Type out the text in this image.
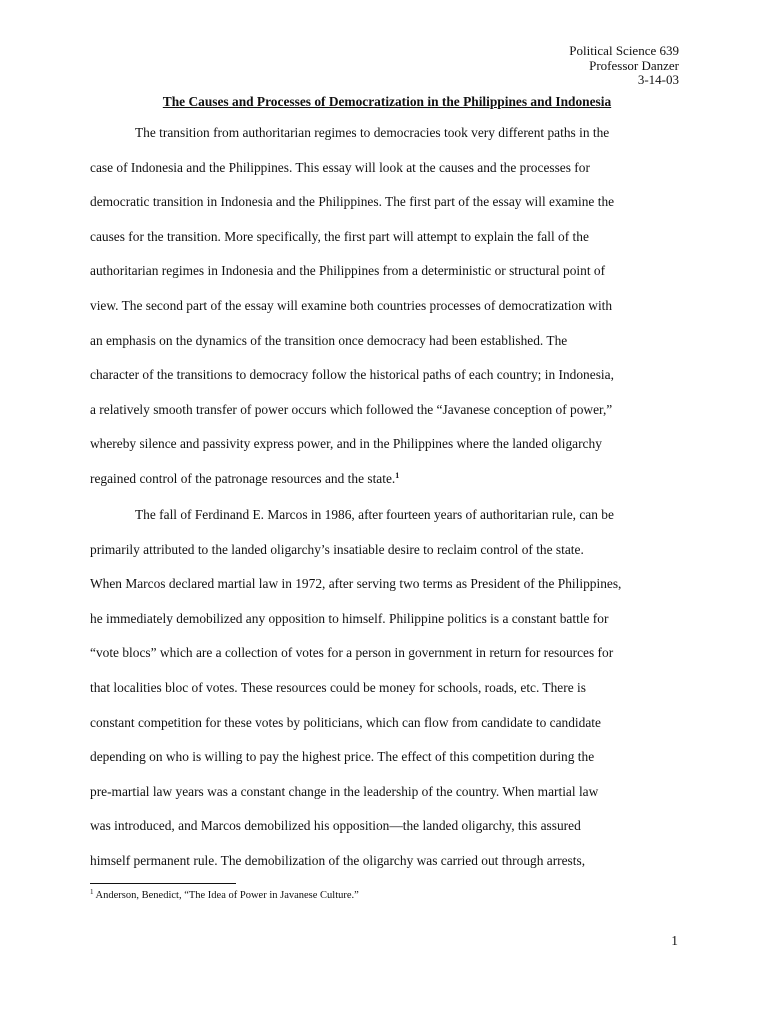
Political Science 639
Professor Danzer
3-14-03
The Causes and Processes of Democratization in the Philippines and Indonesia

The transition from authoritarian regimes to democracies took very different paths in the
case of Indonesia and the Philippines. This essay will look at the causes and the processes for
democratic transition in Indonesia and the Philippines. The first part of the essay will examine the
causes for the transition. More specifically, the first part will attempt to explain the fall of the
authoritarian regimes in Indonesia and the Philippines from a deterministic or structural point of
view. The second part of the essay will examine both countries processes of democratization with
an emphasis on the dynamics of the transition once democracy had been established. The
character of the transitions to democracy follow the historical paths of each country; in Indonesia,
a relatively smooth transfer of power occurs which followed the “Javanese conception of power,”
whereby silence and passivity express power, and in the Philippines where the landed oligarchy
regained control of the patronage resources and the state.$^1$

The fall of Ferdinand E. Marcos in 1986, after fourteen years of authoritarian rule, can be
primarily attributed to the landed oligarchy’s insatiable desire to reclaim control of the state.
When Marcos declared martial law in 1972, after serving two terms as President of the Philippines,
he immediately demobilized any opposition to himself. Philippine politics is a constant battle for
“vote blocs” which are a collection of votes for a person in government in return for resources for
that localities bloc of votes. These resources could be money for schools, roads, etc. There is
constant competition for these votes by politicians, which can flow from candidate to candidate
depending on who is willing to pay the highest price. The effect of this competition during the
pre-martial law years was a constant change in the leadership of the country. When martial law
was introduced, and Marcos demobilized his opposition—the landed oligarchy, this assured
himself permanent rule. The demobilization of the oligarchy was carried out through arrests,

$^1$ Anderson, Benedict, “The Idea of Power in Javanese Culture.”
1
